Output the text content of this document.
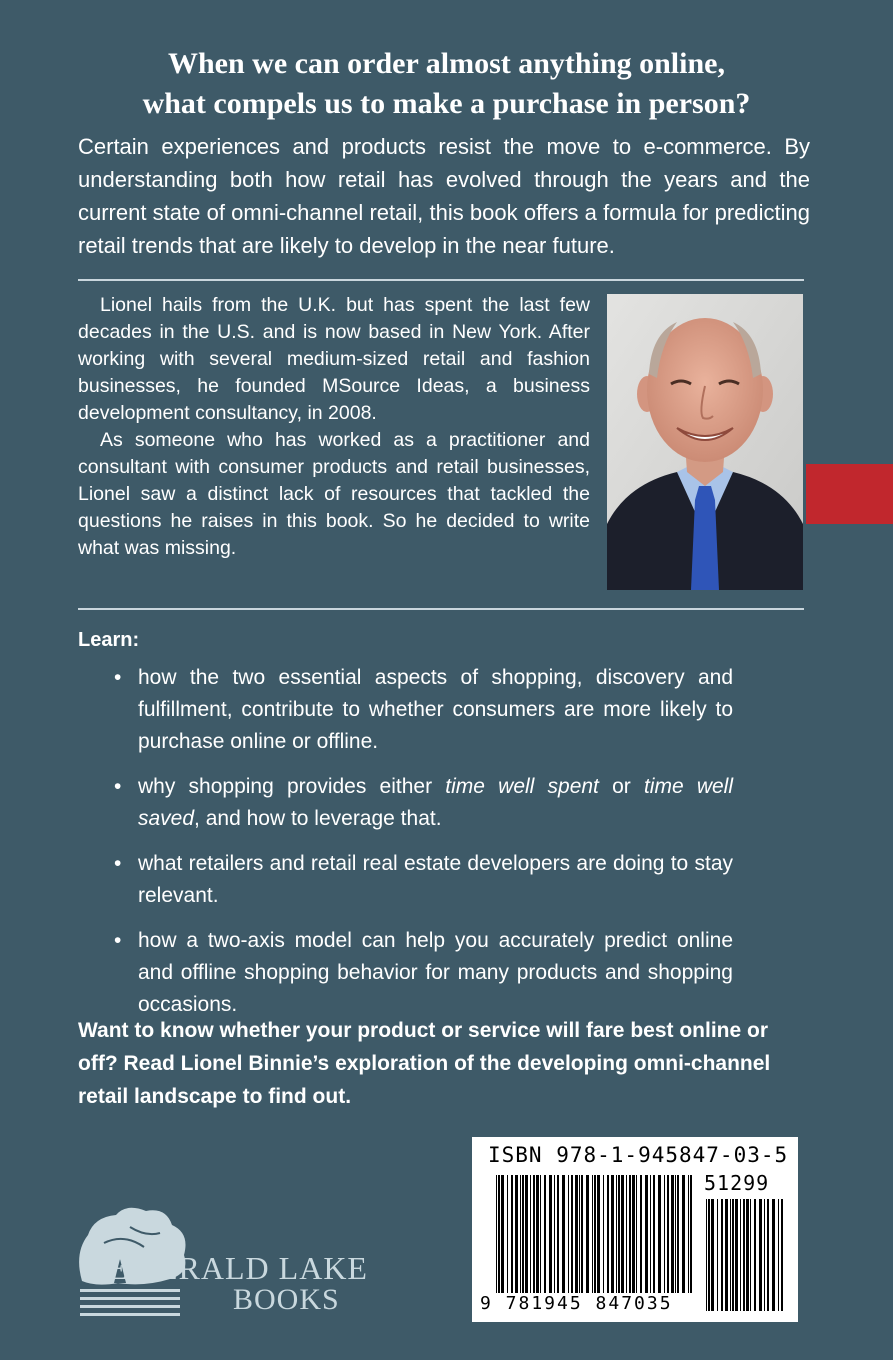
When we can order almost anything online,
what compels us to make a purchase in person?
Certain experiences and products resist the move to e-commerce. By understanding both how retail has evolved through the years and the current state of omni-channel retail, this book offers a formula for predicting retail trends that are likely to develop in the near future.

Lionel hails from the U.K. but has spent the last few decades in the U.S. and is now based in New York. After working with several medium-sized retail and fashion businesses, he founded MSource Ideas, a business development consultancy, in 2008.

As someone who has worked as a practitioner and consultant with consumer products and retail businesses, Lionel saw a distinct lack of resources that tackled the questions he raises in this book. So he decided to write what was missing.

Learn:
• how the two essential aspects of shopping, discovery and fulfillment, contribute to whether consumers are more likely to purchase online or offline.
• why shopping provides either time well spent or time well saved, and how to leverage that.
• what retailers and retail real estate developers are doing to stay relevant.
• how a two-axis model can help you accurately predict online and offline shopping behavior for many products and shopping occasions.
Want to know whether your product or service will fare best online or off? Read Lionel Binnie’s exploration of the developing omni-channel retail landscape to find out.
EMERALD LAKE
BOOKS
ISBN 978-1-945847-03-5
51299
9 781945 847035
